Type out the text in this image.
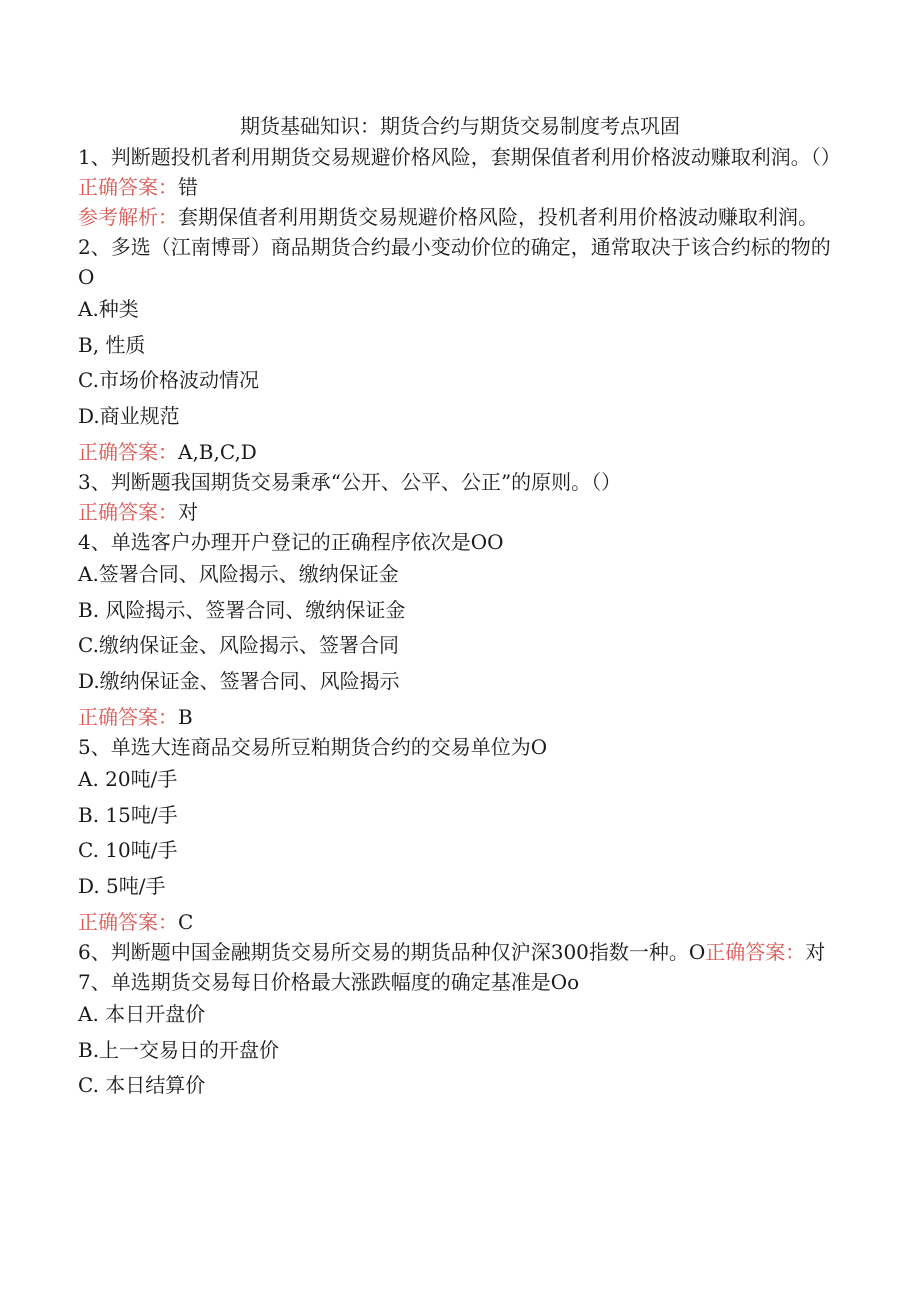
期货基础知识：期货合约与期货交易制度考点巩固

1、判断题投机者利用期货交易规避价格风险，套期保值者利用价格波动赚取利润。（）

正确答案：错

参考解析：套期保值者利用期货交易规避价格风险，投机者利用价格波动赚取利润。

2、多选（江南博哥）商品期货合约最小变动价位的确定，通常取决于该合约标的物的O

A.种类

B, 性质

C.市场价格波动情况

D.商业规范

正确答案：A,B,C,D

3、判断题我国期货交易秉承“公开、公平、公正”的原则。（）

正确答案：对

4、单选客户办理开户登记的正确程序依次是OO

A.签署合同、风险揭示、缴纳保证金

B. 风险揭示、签署合同、缴纳保证金

C.缴纳保证金、风险揭示、签署合同

D.缴纳保证金、签署合同、风险揭示

正确答案：B

5、单选大连商品交易所豆粕期货合约的交易单位为O

A. 20吨/手

B. 15吨/手

C. 10吨/手

D. 5吨/手

正确答案：C

6、判断题中国金融期货交易所交易的期货品种仅沪深300指数一种。O正确答案：对

7、单选期货交易每日价格最大涨跌幅度的确定基准是Oo

A. 本日开盘价

B.上一交易日的开盘价

C. 本日结算价
